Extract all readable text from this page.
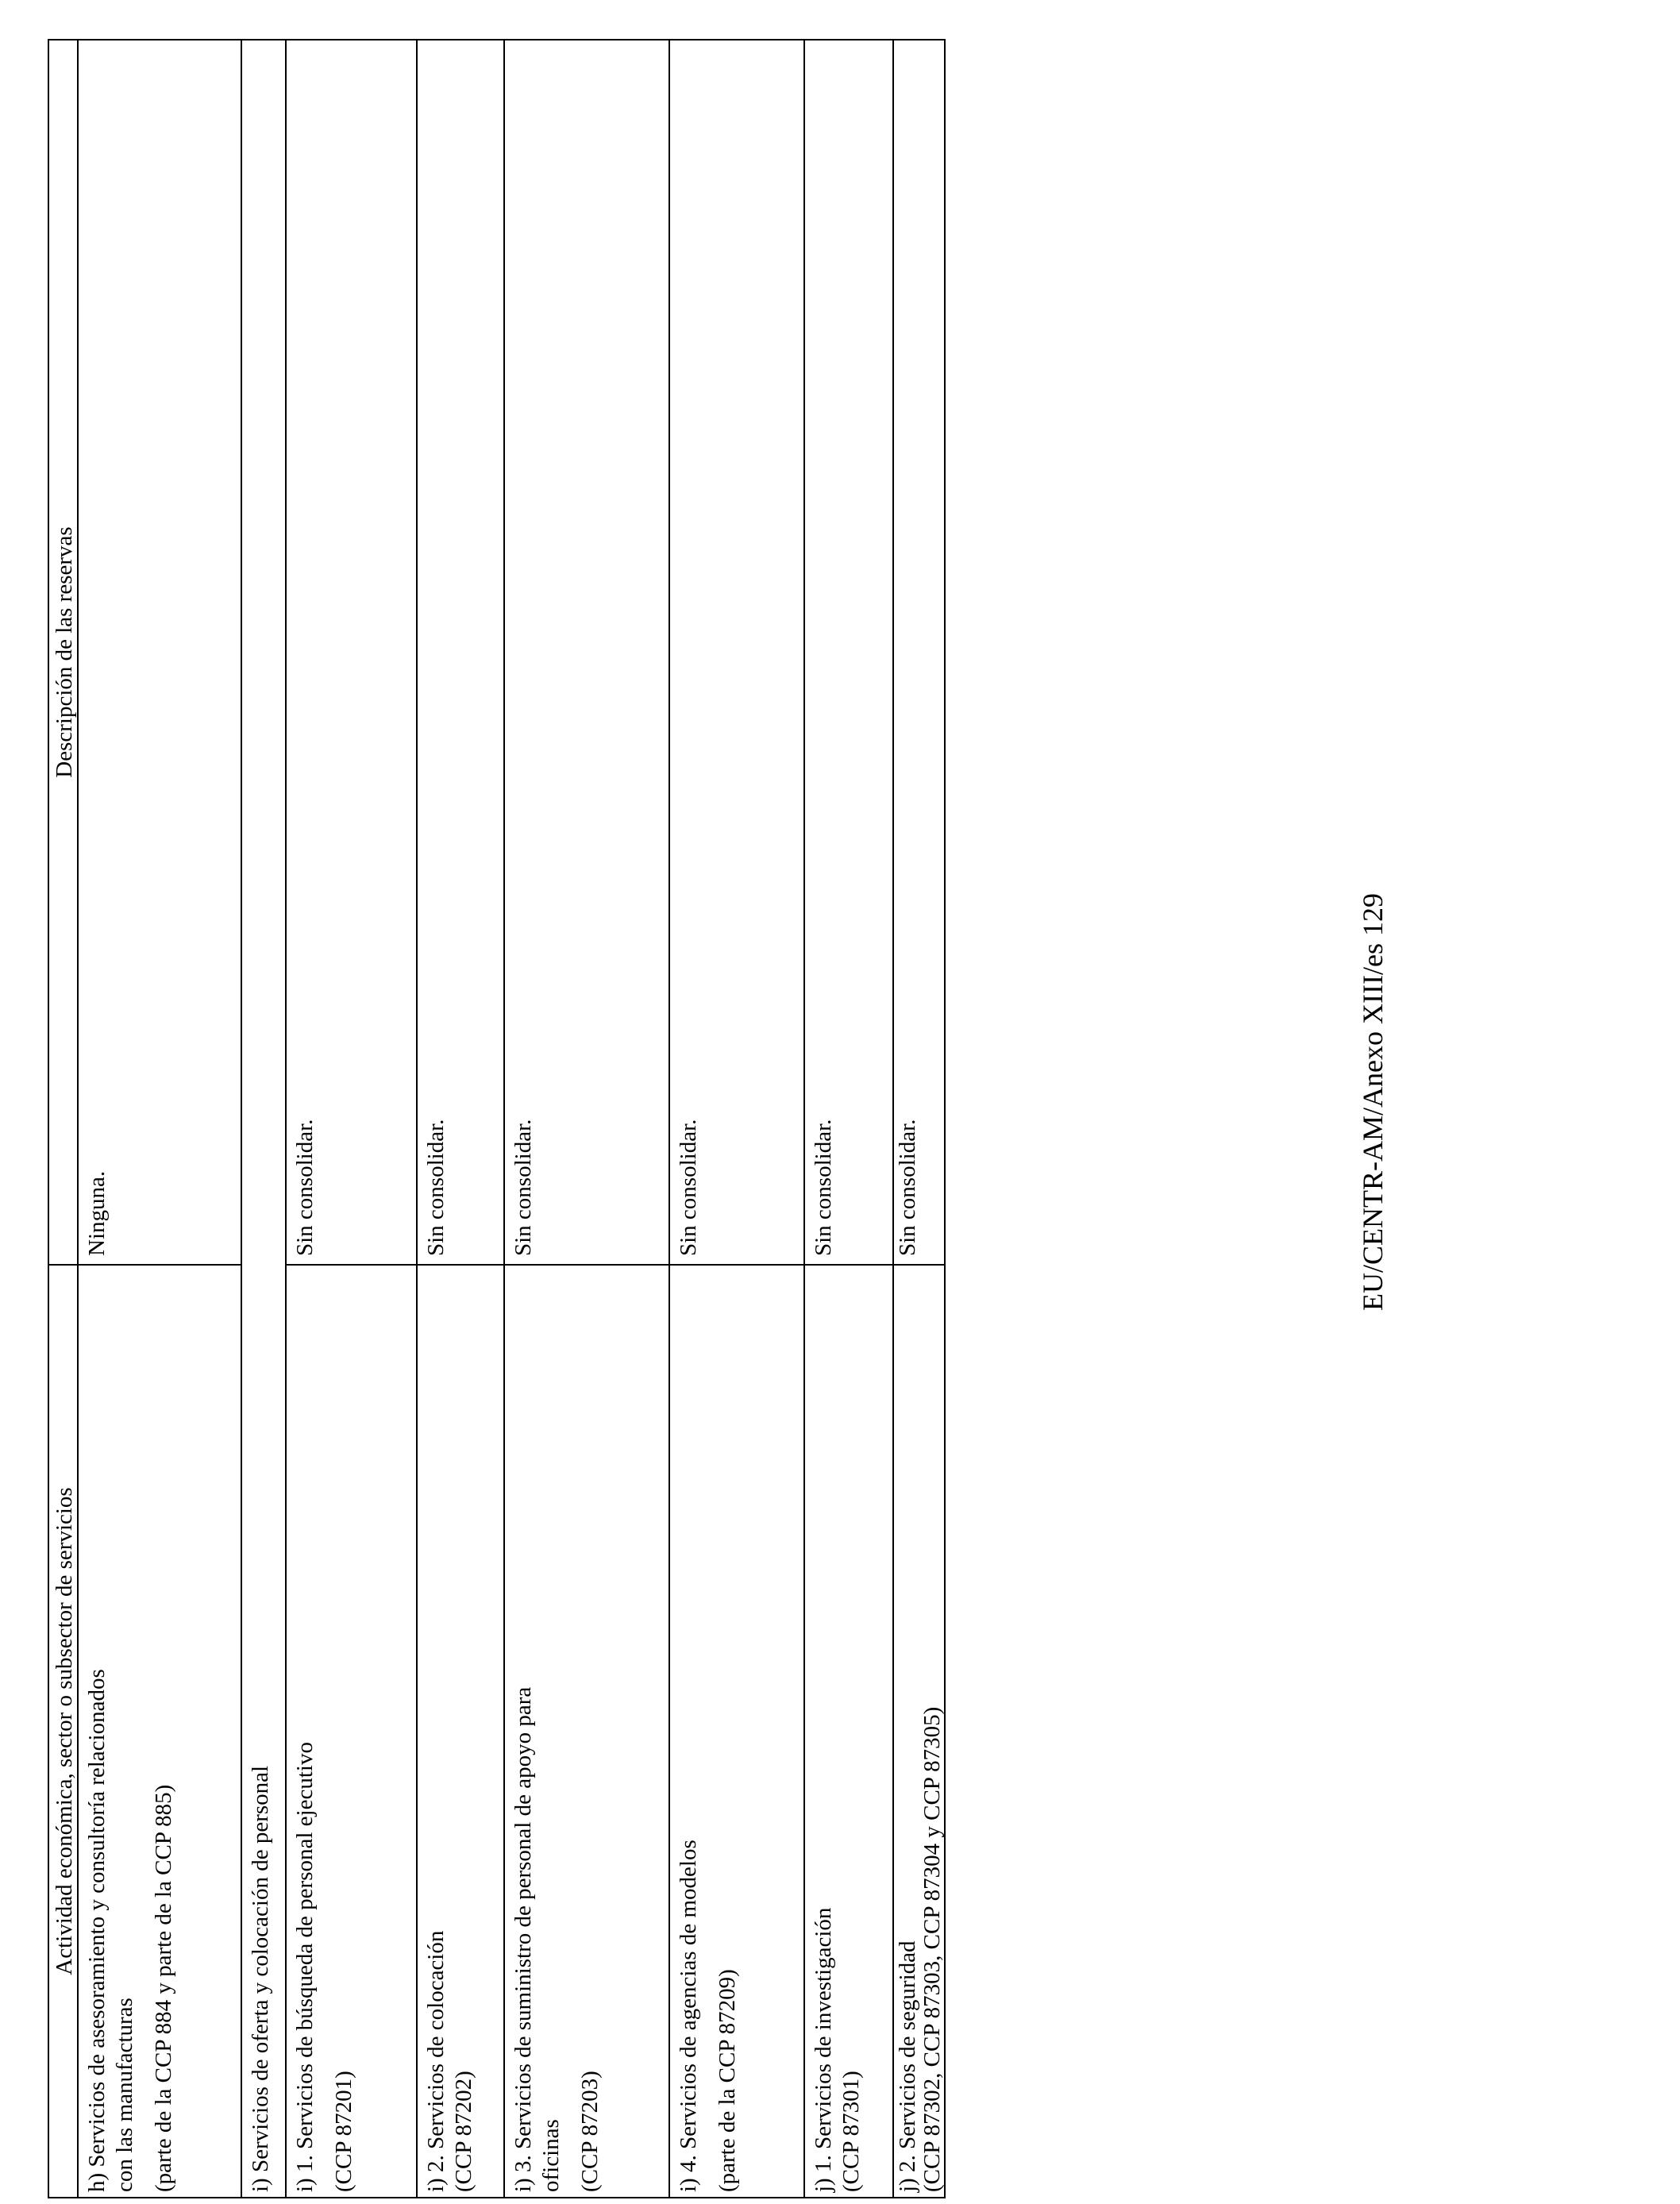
Actividad económica, sector o subsector de servicios
Descripción de las reservas
h) Servicios de asesoramiento y consultoría relacionados con las manufacturas (parte de la CCP 884 y parte de la CCP 885)
Ninguna.
i) Servicios de oferta y colocación de personal i) 1. Servicios de búsqueda de personal ejecutivo (CCP 87201)
Sin consolidar.
i) 2. Servicios de colocación (CCP 87202)
Sin consolidar.
i) 3. Servicios de suministro de personal de apoyo para oficinas (CCP 87203)
Sin consolidar.
i) 4. Servicios de agencias de modelos (parte de la CCP 87209)
Sin consolidar.
j) 1. Servicios de investigación (CCP 87301)
Sin consolidar.
j) 2. Servicios de seguridad (CCP 87302, CCP 87303, CCP 87304 y CCP 87305)
Sin consolidar.	EU/CENTR-AM/Anexo XIII/es 129
